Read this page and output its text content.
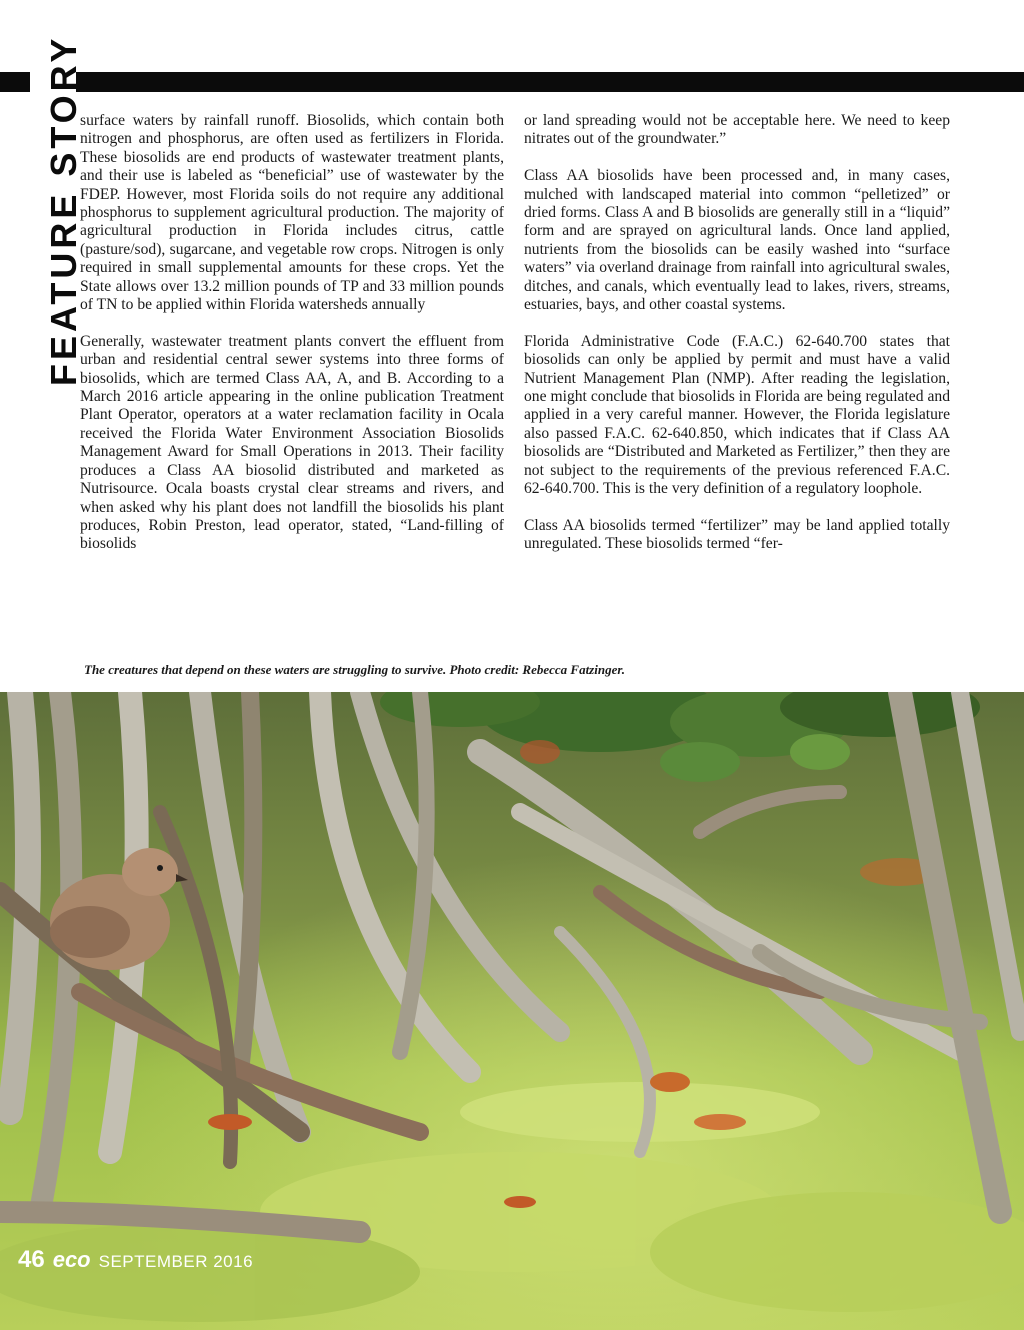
FEATURE STORY

surface waters by rainfall runoff. Biosolids, which contain both nitrogen and phosphorus, are often used as fertilizers in Florida. These biosolids are end products of wastewater treatment plants, and their use is labeled as “beneficial” use of wastewater by the FDEP. However, most Florida soils do not require any additional phosphorus to supplement agricultural production. The majority of agricultural production in Florida includes citrus, cattle (pasture/sod), sugarcane, and vegetable row crops. Nitrogen is only required in small supplemental amounts for these crops. Yet the State allows over 13.2 million pounds of TP and 33 million pounds of TN to be applied within Florida watersheds annually

Generally, wastewater treatment plants convert the effluent from urban and residential central sewer systems into three forms of biosolids, which are termed Class AA, A, and B. According to a March 2016 article appearing in the online publication Treatment Plant Operator, operators at a water reclamation facility in Ocala received the Florida Water Environment Association Biosolids Management Award for Small Operations in 2013. Their facility produces a Class AA biosolid distributed and marketed as Nutrisource. Ocala boasts crystal clear streams and rivers, and when asked why his plant does not landfill the biosolids his plant produces, Robin Preston, lead operator, stated, “Land-filling of biosolids

or land spreading would not be acceptable here. We need to keep nitrates out of the groundwater.”

Class AA biosolids have been processed and, in many cases, mulched with landscaped material into common “pelletized” or dried forms. Class A and B biosolids are generally still in a “liquid” form and are sprayed on agricultural lands. Once land applied, nutrients from the biosolids can be easily washed into “surface waters” via overland drainage from rainfall into agricultural swales, ditches, and canals, which eventually lead to lakes, rivers, streams, estuaries, bays, and other coastal systems.

Florida Administrative Code (F.A.C.) 62-640.700 states that biosolids can only be applied by permit and must have a valid Nutrient Management Plan (NMP). After reading the legislation, one might conclude that biosolids in Florida are being regulated and applied in a very careful manner. However, the Florida legislature also passed F.A.C. 62-640.850, which indicates that if Class AA biosolids are “Distributed and Marketed as Fertilizer,” then they are not subject to the requirements of the previous referenced F.A.C. 62-640.700. This is the very definition of a regulatory loophole.

Class AA biosolids termed “fertilizer” may be land applied totally unregulated. These biosolids termed “fer-

The creatures that depend on these waters are struggling to survive. Photo credit: Rebecca Fatzinger.
46 eco SEPTEMBER 2016
